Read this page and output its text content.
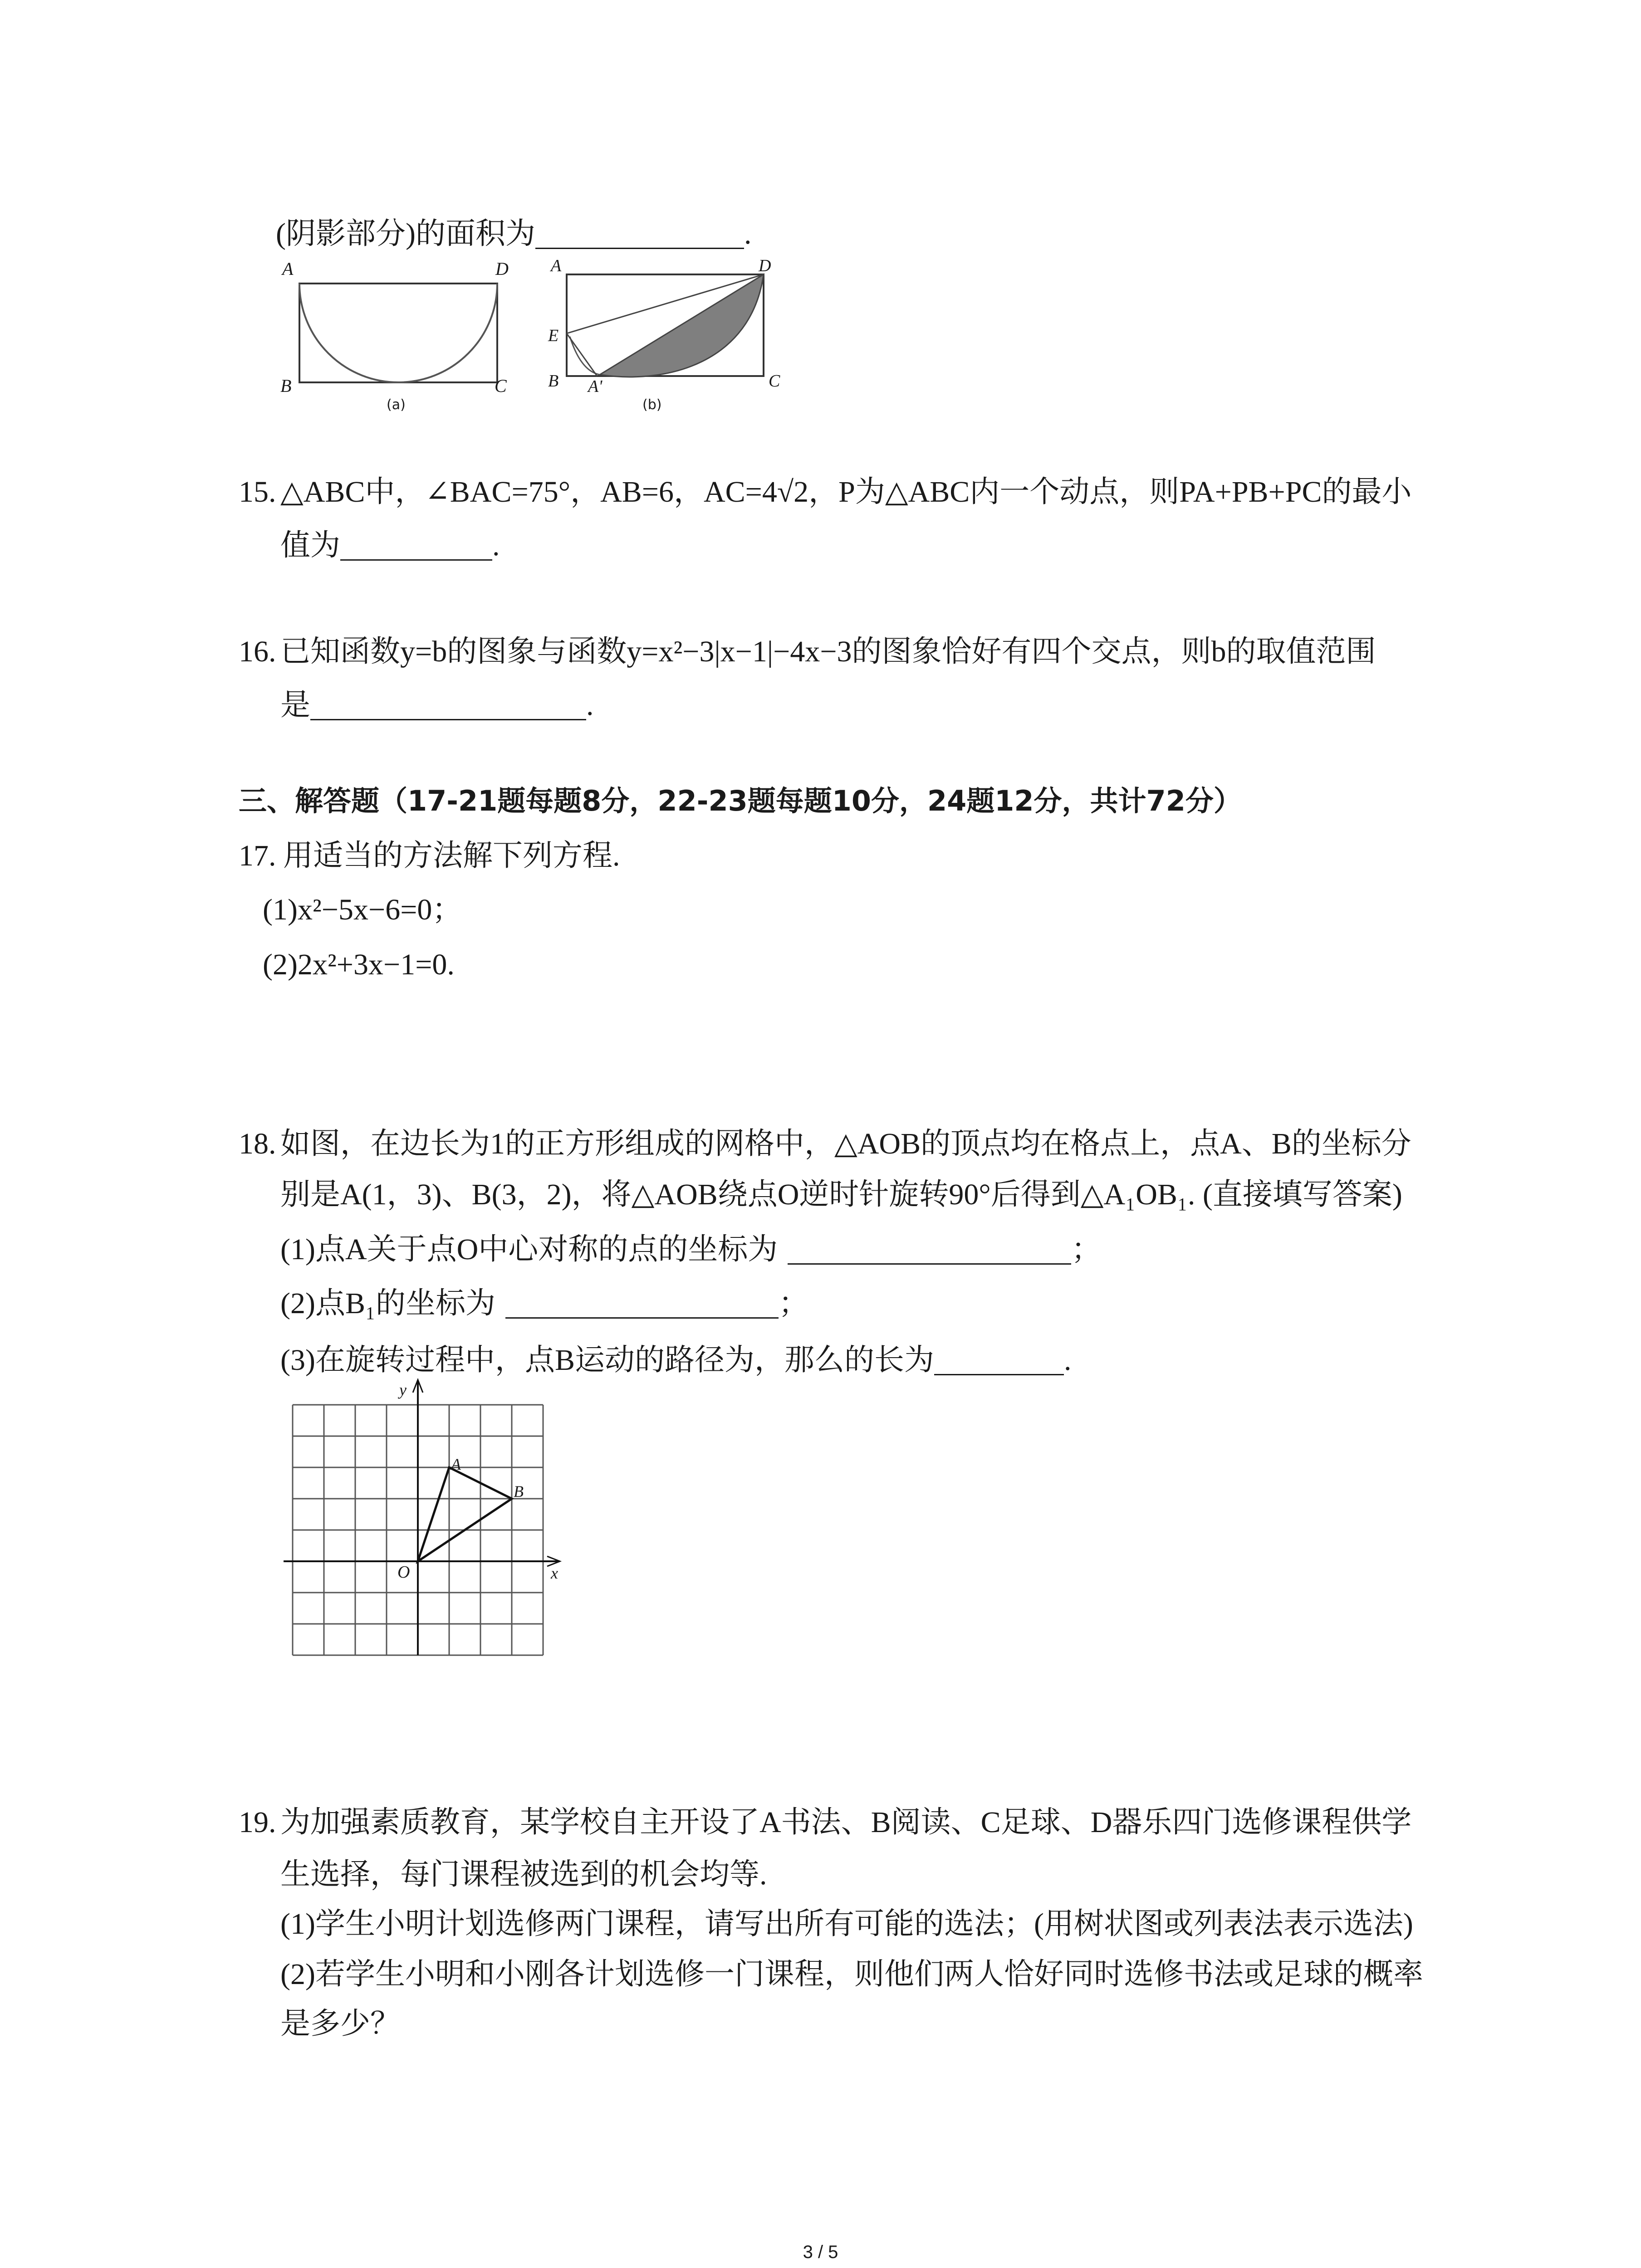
(阴影部分)的面积为	.
A	D
B	C
(a)
A	D
E
B A'	C
(b)
15. △ABC中，∠BAC=75°，AB=6，AC=4√2，P为△ABC内一个动点，则PA+PB+PC的最小
值为	.
16. 已知函数y=b的图象与函数y=x²−3|x−1|−4x−3的图象恰好有四个交点，则b的取值范围
是	.
三、解答题（17-21题每题8分，22-23题每题10分，24题12分，共计72分）
17. 用适当的方法解下列方程.
(1)x²−5x−6=0；
(2)2x²+3x−1=0.
18. 如图，在边长为1的正方形组成的网格中，△AOB的顶点均在格点上，点A、B的坐标分
别是A(1，3)、B(3，2)，将△AOB绕点O逆时针旋转90°后得到△A₁OB₁. (直接填写答案)
(1)点A关于点O中心对称的点的坐标为	；
(2)点B₁的坐标为	；
(3)在旋转过程中，点B运动的路径为，那么的长为	.
y
x
O
A
B
19. 为加强素质教育，某学校自主开设了A书法、B阅读、C足球、D器乐四门选修课程供学
生选择，每门课程被选到的机会均等.
(1)学生小明计划选修两门课程，请写出所有可能的选法；(用树状图或列表法表示选法)
(2)若学生小明和小刚各计划选修一门课程，则他们两人恰好同时选修书法或足球的概率
是多少？
3 / 5
